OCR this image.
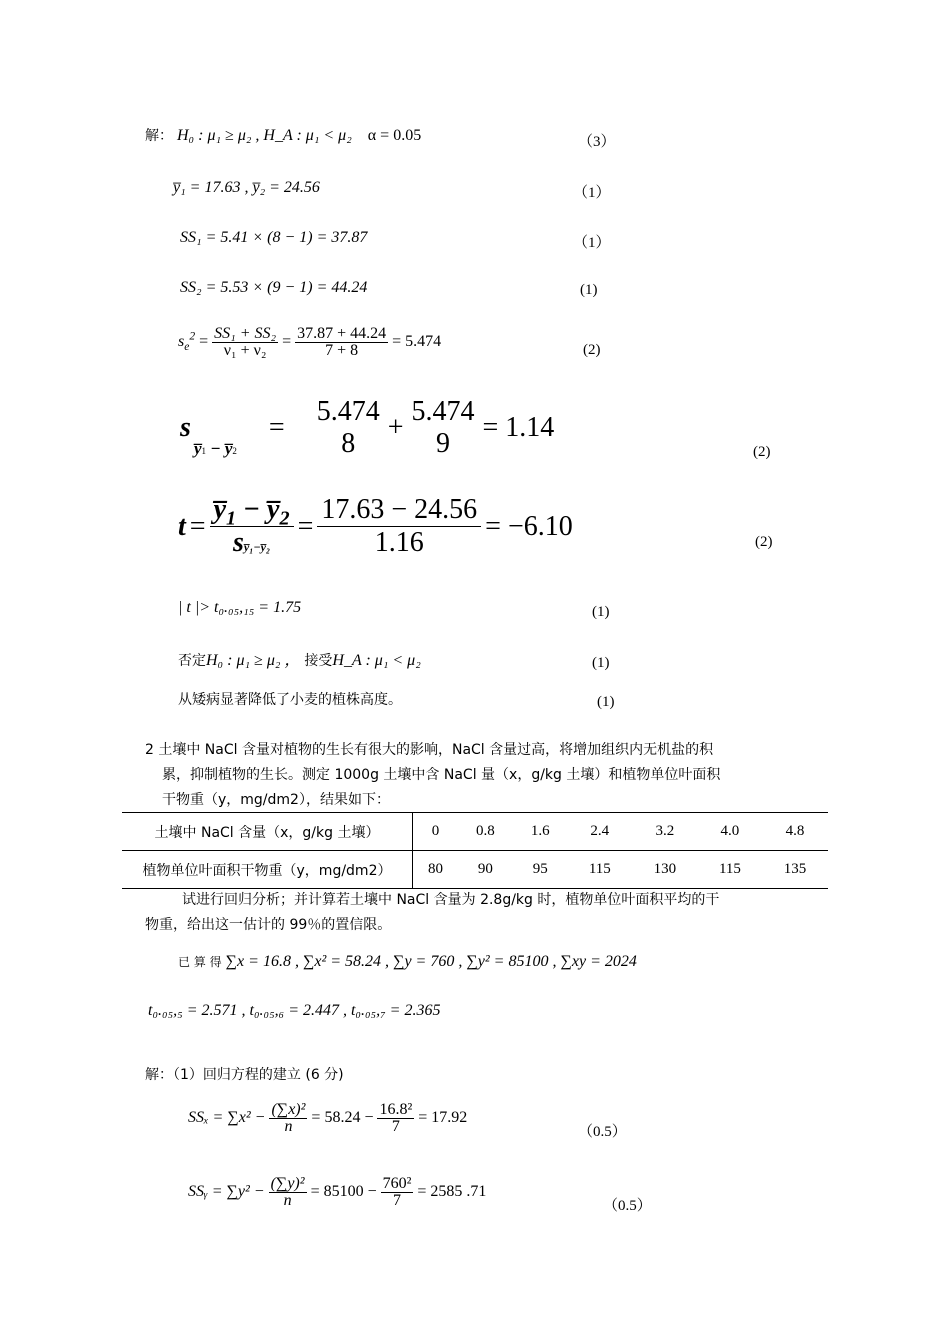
解： H₀ : μ₁ ≥ μ₂ , H_A : μ₁ < μ₂ α = 0.05	（3）
y̅₁ = 17.63 , y̅₂ = 24.56	（1）
SS₁ = 5.41 × (8 − 1) = 37.87	（1）
SS₂ = 5.53 × (9 − 1) = 44.24	(1)
$s_e^2 = \frac{\text{SS₁ + SS₂}}{\text{ν₁ + ν₂}} = \frac{37.87 + 44.24}{7 + 8} = 5.474$	(2)
s	=
5.474
8
+
5.474
9
= 1.14
y̅1 − y̅2	(2)
$t = \frac{y̅_1 - y̅_2}{\text{sy̅₁−y̅₂}} = \frac{17.63 - 24.56}{1.16} = -6.10$
(2)
| t |> t₀.₀₅,₁₅ = 1.75	(1)
否定H₀ : μ₁ ≥ μ₂ ， 接受H_A : μ₁ < μ₂	(1)
从矮病显著降低了小麦的植株高度。	(1)
2 土壤中 NaCl 含量对植物的生长有很大的影响，NaCl 含量过高，将增加组织内无机盐的积
累，抑制植物的生长。测定 1000g 土壤中含 NaCl 量（x，g/kg 土壤）和植物单位叶面积
干物重（y，mg/dm2），结果如下：
土壤中 NaCl 含量（x，g/kg 土壤）	0	0.8	1.6	2.4	3.2	4.0	4.8
植物单位叶面积干物重（y，mg/dm2）	80	90	95	115	130	115	135
试进行回归分析；并计算若土壤中 NaCl 含量为 2.8g/kg 时，植物单位叶面积平均的干
物重，给出这一估计的 99％的置信限。
已 算 得 ∑x = 16.8 , ∑x² = 58.24 , ∑y = 760 , ∑y² = 85100 , ∑xy = 2024
t₀.₀₅,₅ = 2.571 , t₀.₀₅,₆ = 2.447 , t₀.₀₅,₇ = 2.365
解：（1）回归方程的建立 (6 分)
$SS_x = \sum x^2 - \frac{\text{(∑x)²}}{n} = 58.24 - \frac{\text{16.8²}}{7} = 17.92$
（0.5）
SSᵧ = $\sum y^2 - \frac{\text{(∑y)²}}{n} = 85100 - \frac{\text{760²}}{7} = 2585$ .71
（0.5）
